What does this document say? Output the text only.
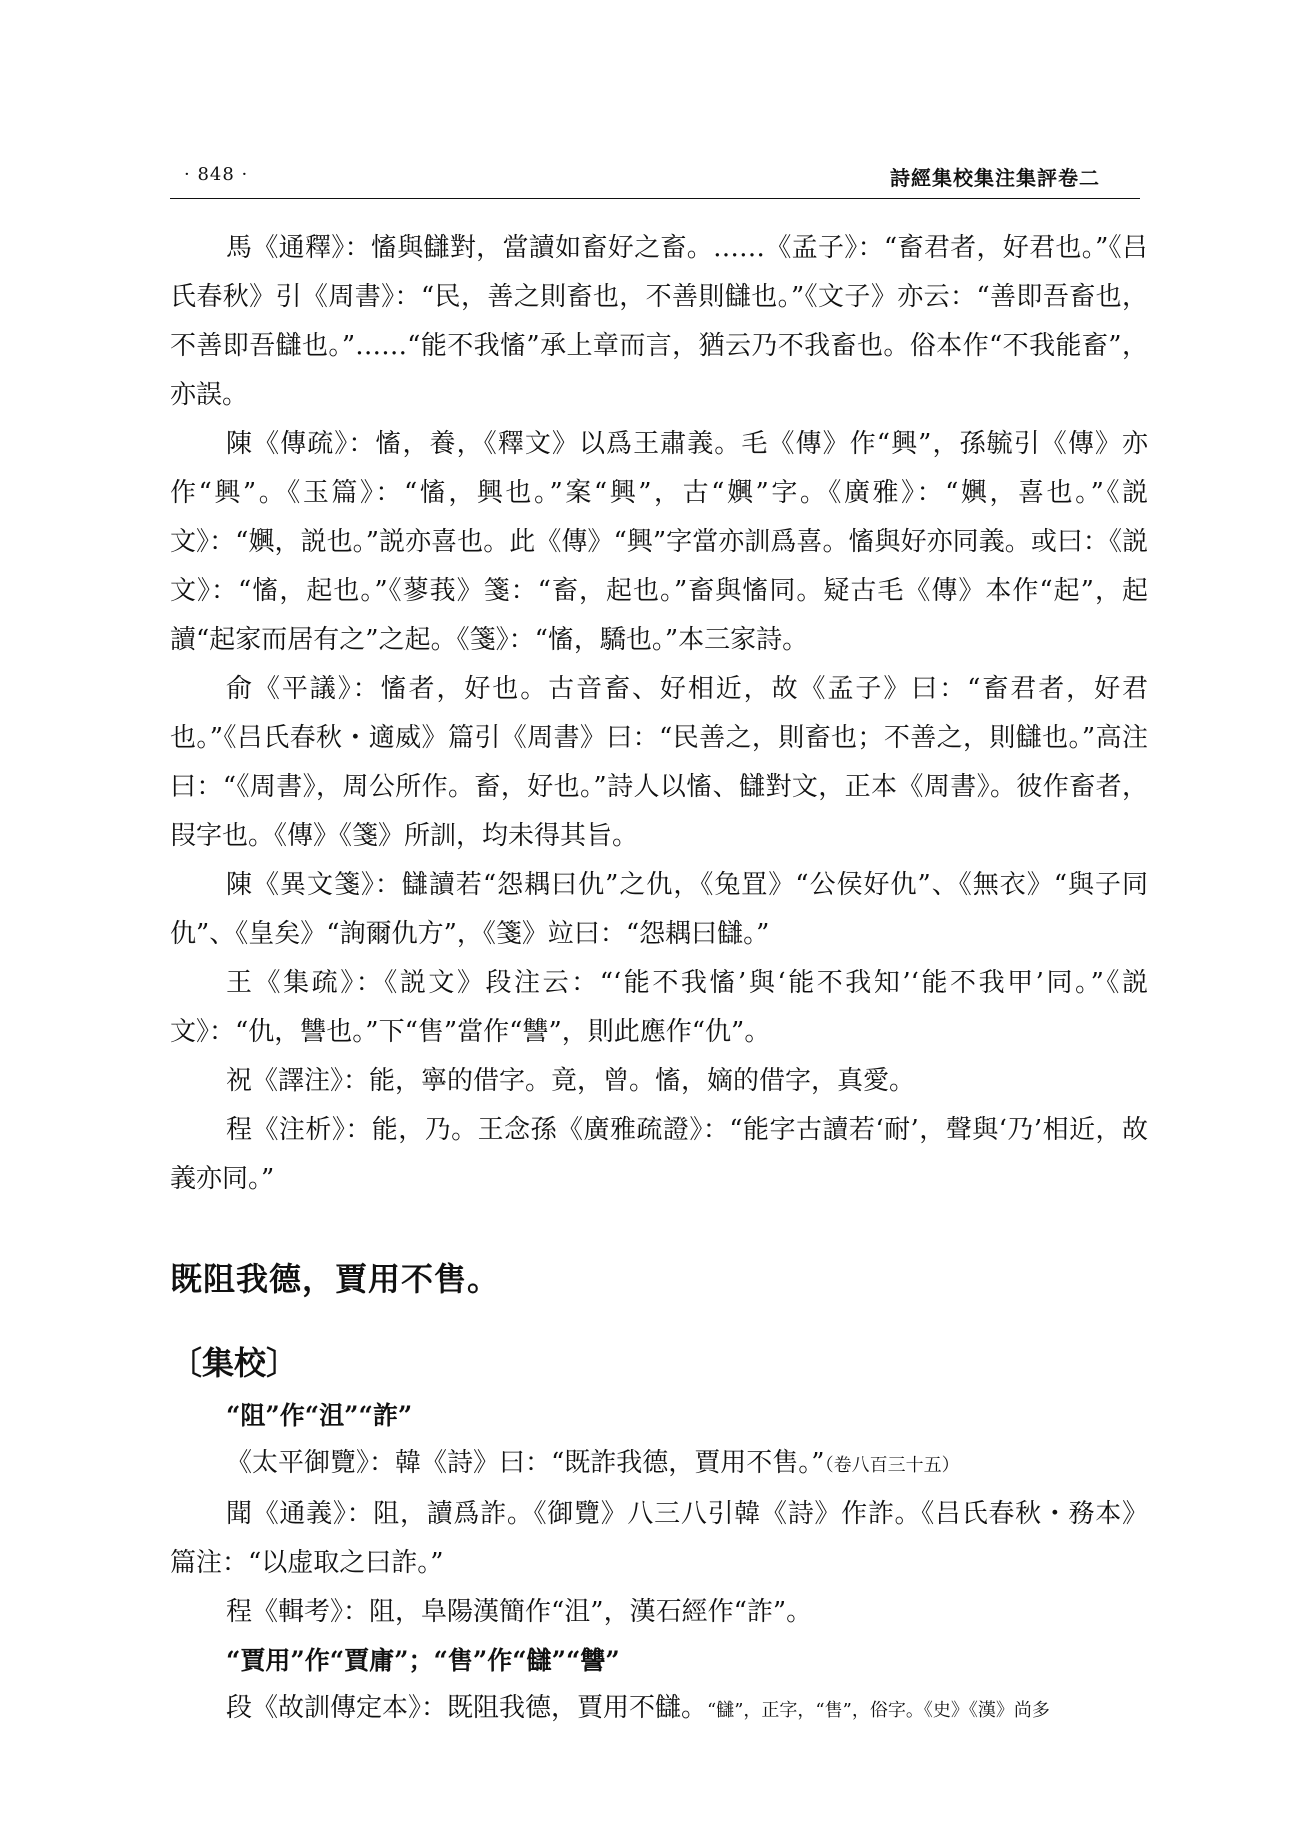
· 848 ·	詩經集校集注集評卷二

馬《通釋》：慉與讎對，當讀如畜好之畜。……《孟子》：“畜君者，好君也。”《吕氏春秋》引《周書》：“民，善之則畜也，不善則讎也。”《文子》亦云：“善即吾畜也，不善即吾讎也。”……“能不我慉”承上章而言，猶云乃不我畜也。俗本作“不我能畜”，亦誤。

陳《傳疏》：慉，養，《釋文》以爲王肅義。毛《傳》作“興”，孫毓引《傳》亦作“興”。《玉篇》：“慉，興也。”案“興”，古“嬹”字。《廣雅》：“嬹，喜也。”《説文》：“嬹，説也。”説亦喜也。此《傳》“興”字當亦訓爲喜。慉與好亦同義。或曰：《説文》：“慉，起也。”《蓼莪》箋：“畜，起也。”畜與慉同。疑古毛《傳》本作“起”，起讀“起家而居有之”之起。《箋》：“慉，驕也。”本三家詩。

俞《平議》：慉者，好也。古音畜、好相近，故《孟子》曰：“畜君者，好君也。”《吕氏春秋・適威》篇引《周書》曰：“民善之，則畜也；不善之，則讎也。”高注曰：“《周書》，周公所作。畜，好也。”詩人以慉、讎對文，正本《周書》。彼作畜者，叚字也。《傳》《箋》所訓，均未得其旨。

陳《異文箋》：讎讀若“怨耦曰仇”之仇，《兔罝》“公侯好仇”、《無衣》“與子同仇”、《皇矣》“詢爾仇方”，《箋》竝曰：“怨耦曰讎。”

王《集疏》：《説文》段注云：“‘能不我慉’與‘能不我知’‘能不我甲’同。”《説文》：“仇，讐也。”下“售”當作“讐”，則此應作“仇”。

祝《譯注》：能，寧的借字。竟，曾。慉，嫡的借字，真愛。

程《注析》：能，乃。王念孫《廣雅疏證》：“能字古讀若‘耐’，聲與‘乃’相近，故義亦同。”

既阻我德，賈用不售。
〔集校〕

“阻”作“沮”“詐”

《太平御覽》：韓《詩》曰：“既詐我德，賈用不售。”（卷八百三十五）

聞《通義》：阻，讀爲詐。《御覽》八三八引韓《詩》作詐。《吕氏春秋・務本》篇注：“以虚取之曰詐。”

程《輯考》：阻，阜陽漢簡作“沮”，漢石經作“詐”。

“賈用”作“賈庸”；“售”作“讎”“讐”

段《故訓傳定本》：既阻我德，賈用不讎。“讎”，正字，“售”，俗字。《史》《漢》尚多
